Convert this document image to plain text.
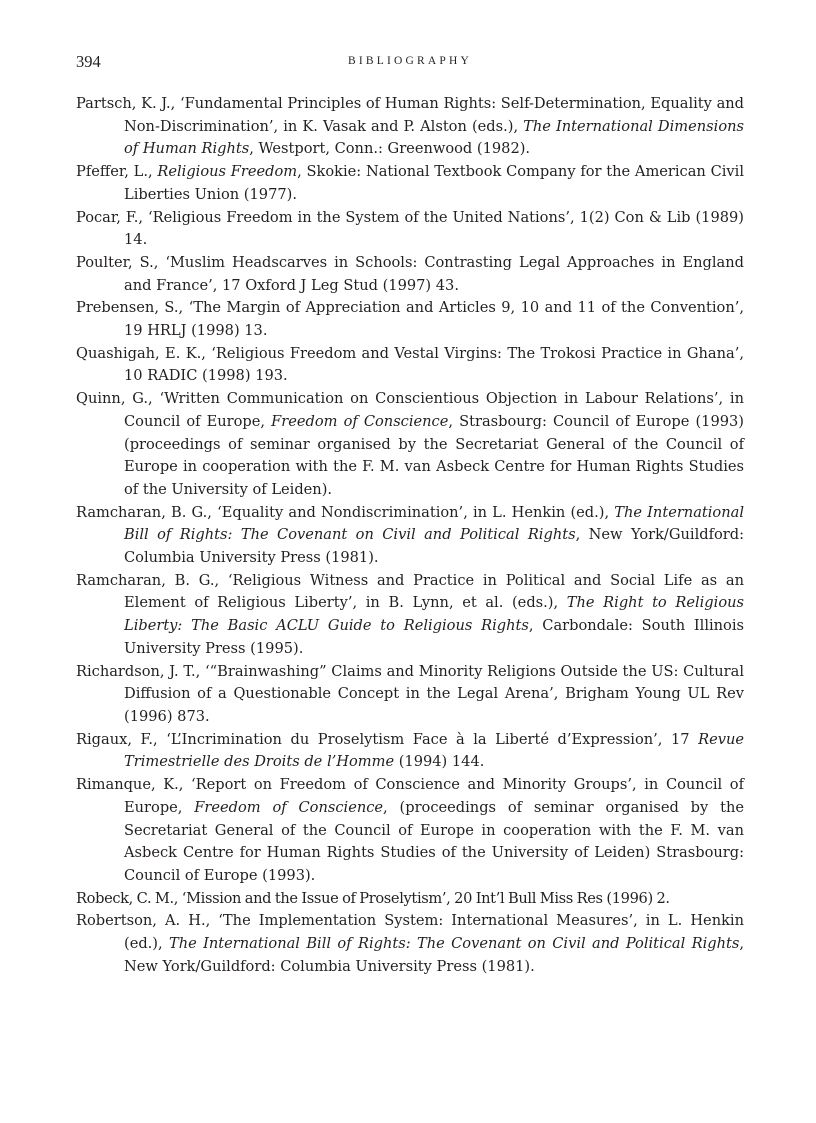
394	BIBLIOGRAPHY

Partsch, K. J., ‘Fundamental Principles of Human Rights: Self-Determination, Equality and Non-Discrimination’, in K. Vasak and P. Alston (eds.), The International Dimensions of Human Rights, Westport, Conn.: Greenwood (1982).

Pfeffer, L., Religious Freedom, Skokie: National Textbook Company for the American Civil Liberties Union (1977).

Pocar, F., ‘Religious Freedom in the System of the United Nations’, 1(2) Con & Lib (1989) 14.

Poulter, S., ‘Muslim Headscarves in Schools: Contrasting Legal Approaches in England and France’, 17 Oxford J Leg Stud (1997) 43.

Prebensen, S., ‘The Margin of Appreciation and Articles 9, 10 and 11 of the Convention’, 19 HRLJ (1998) 13.

Quashigah, E. K., ‘Religious Freedom and Vestal Virgins: The Trokosi Practice in Ghana’, 10 RADIC (1998) 193.

Quinn, G., ‘Written Communication on Conscientious Objection in Labour Relations’, in Council of Europe, Freedom of Conscience, Strasbourg: Council of Europe (1993) (proceedings of seminar organised by the Secretariat General of the Council of Europe in cooperation with the F. M. van Asbeck Centre for Human Rights Studies of the University of Leiden).

Ramcharan, B. G., ‘Equality and Nondiscrimination’, in L. Henkin (ed.), The International Bill of Rights: The Covenant on Civil and Political Rights, New York/Guildford: Columbia University Press (1981).

Ramcharan, B. G., ‘Religious Witness and Practice in Political and Social Life as an Element of Religious Liberty’, in B. Lynn, et al. (eds.), The Right to Religious Liberty: The Basic ACLU Guide to Religious Rights, Carbondale: South Illinois University Press (1995).

Richardson, J. T., ‘“Brainwashing” Claims and Minority Religions Outside the US: Cultural Diffusion of a Questionable Concept in the Legal Arena’, Brigham Young UL Rev (1996) 873.

Rigaux, F., ‘L’Incrimination du Proselytism Face à la Liberté d’Expression’, 17 Revue Trimestrielle des Droits de l’Homme (1994) 144.

Rimanque, K., ‘Report on Freedom of Conscience and Minority Groups’, in Council of Europe, Freedom of Conscience, (proceedings of seminar organised by the Secretariat General of the Council of Europe in cooperation with the F. M. van Asbeck Centre for Human Rights Studies of the University of Leiden) Strasbourg: Council of Europe (1993).

Robeck, C. M., ‘Mission and the Issue of Proselytism’, 20 Int’l Bull Miss Res (1996) 2.

Robertson, A. H., ‘The Implementation System: International Measures’, in L. Henkin (ed.), The International Bill of Rights: The Covenant on Civil and Political Rights, New York/Guildford: Columbia University Press (1981).
